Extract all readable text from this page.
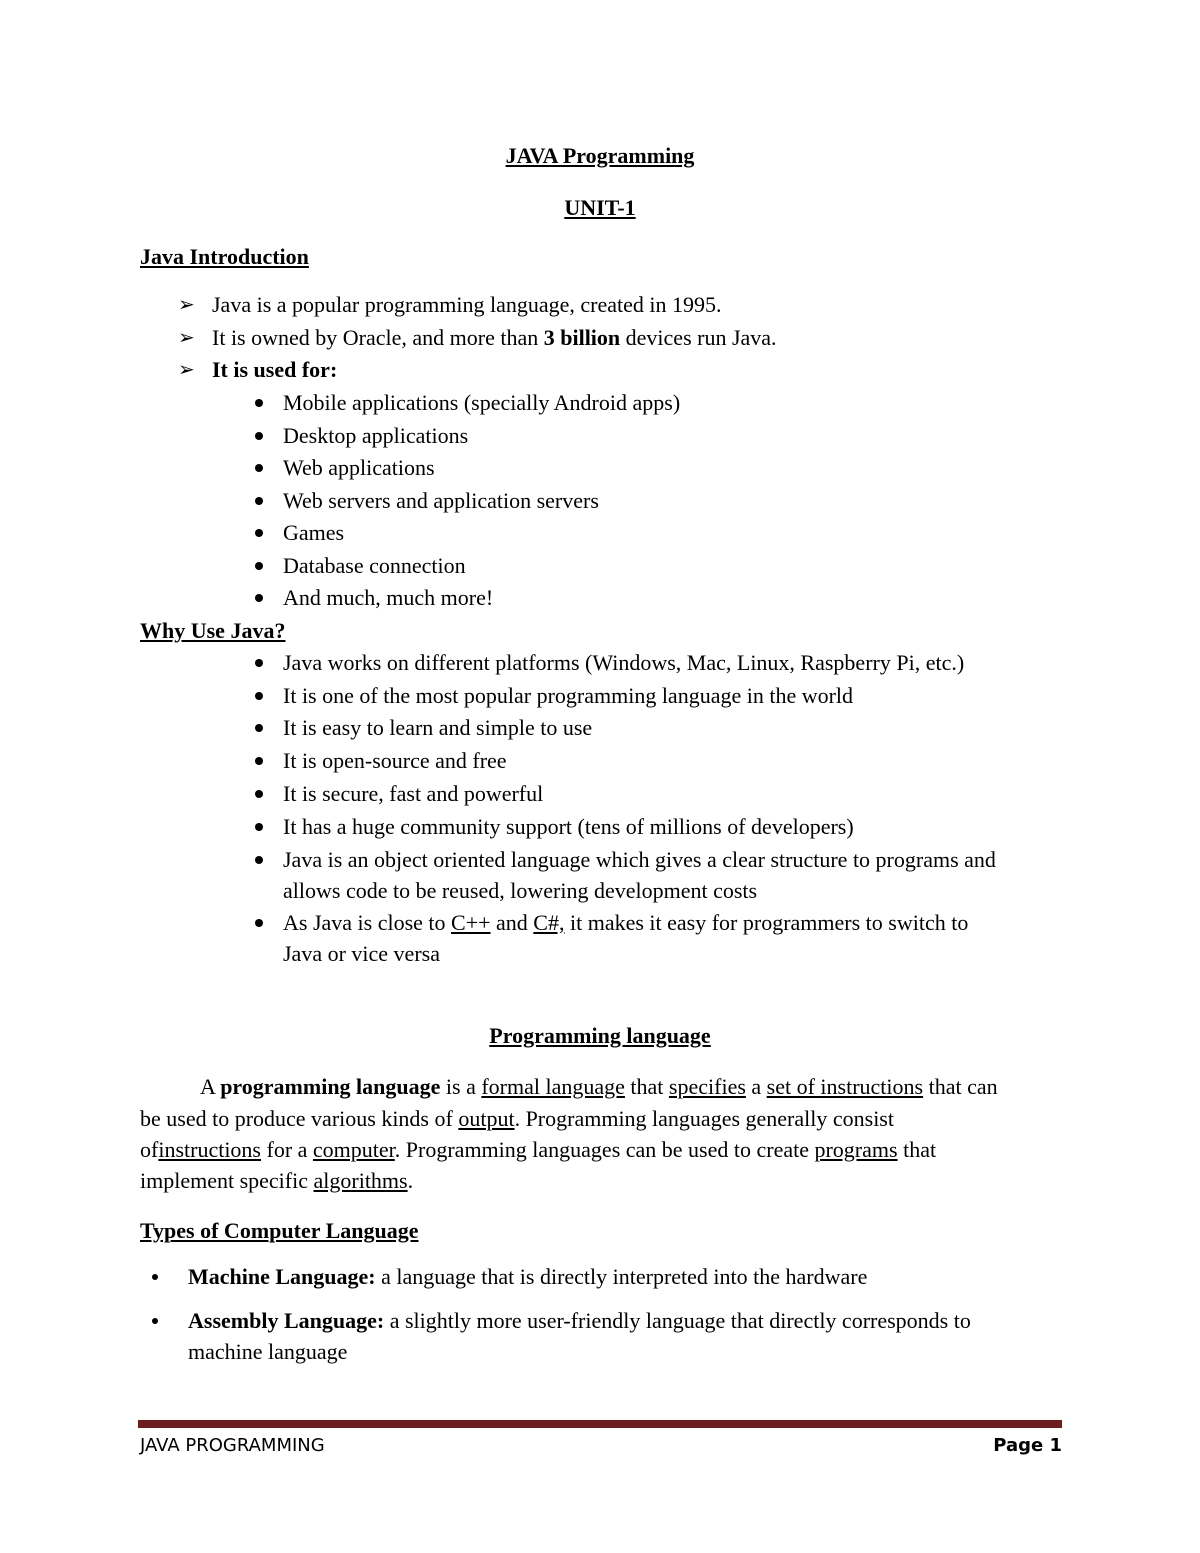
JAVA Programming
UNIT-1
Java Introduction
➢ Java is a popular programming language, created in 1995.
➢ It is owned by Oracle, and more than 3 billion devices run Java.
➢ It is used for:
Mobile applications (specially Android apps)
Desktop applications
Web applications
Web servers and application servers
Games
Database connection
And much, much more!
Why Use Java?
Java works on different platforms (Windows, Mac, Linux, Raspberry Pi, etc.)
It is one of the most popular programming language in the world
It is easy to learn and simple to use
It is open-source and free
It is secure, fast and powerful
It has a huge community support (tens of millions of developers)
Java is an object oriented language which gives a clear structure to programs and
allows code to be reused, lowering development costs
As Java is close to C++ and C#, it makes it easy for programmers to switch to
Java or vice versa
Programming language
A programming language is a formal language that specifies a set of instructions that can
be used to produce various kinds of output. Programming languages generally consist
ofinstructions for a computer. Programming languages can be used to create programs that
implement specific algorithms.
Types of Computer Language
Machine Language: a language that is directly interpreted into the hardware
Assembly Language: a slightly more user-friendly language that directly corresponds to
machine language
JAVA PROGRAMMING	Page 1
